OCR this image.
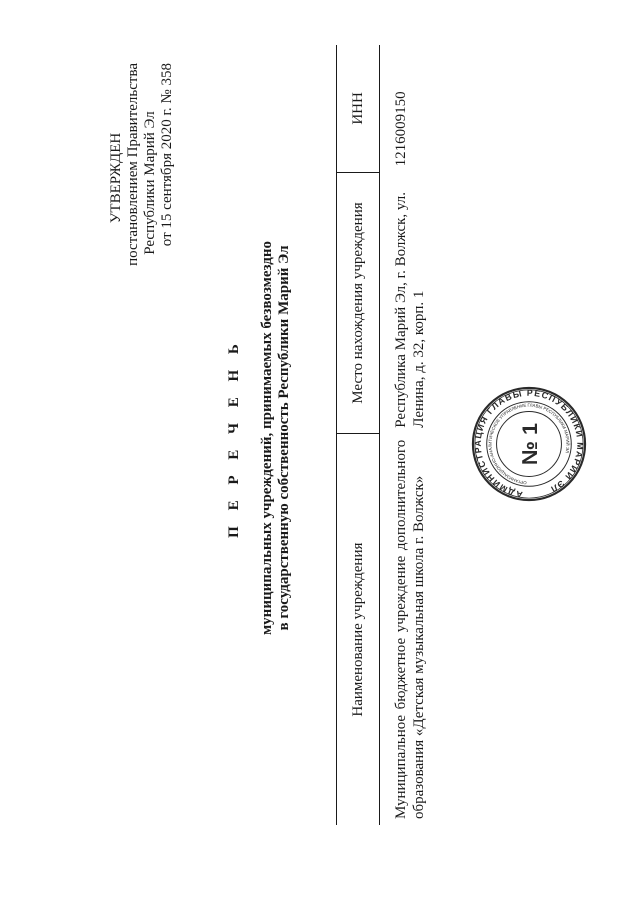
УТВЕРЖДЕН постановлением Правительства Республики Марий Эл от 15 сентября 2020 г. № 358
П Е Р Е Ч Е Н Ь муниципальных учреждений, принимаемых безвозмездно в государственную собственность Республики Марий Эл	Наименование учреждения	Место нахождения учреждения	ИНН
Муниципальное бюджетное учреждение дополнительного образования «Детская музыкальная школа г. Волжск»	Республика Марий Эл, г. Волжск, ул. Ленина, д. 32, корп. 1	1216009150
АДМИНИСТРАЦИЯ ГЛАВЫ РЕСПУБЛИКИ МАРИЙ ЭЛ
ОРГАНИЗАЦИОННО-АНАЛИТИЧЕСКОЕ УПРАВЛЕНИЕ ГЛАВЫ РЕСПУБЛИКИ МАРИЙ ЭЛ
№ 1
